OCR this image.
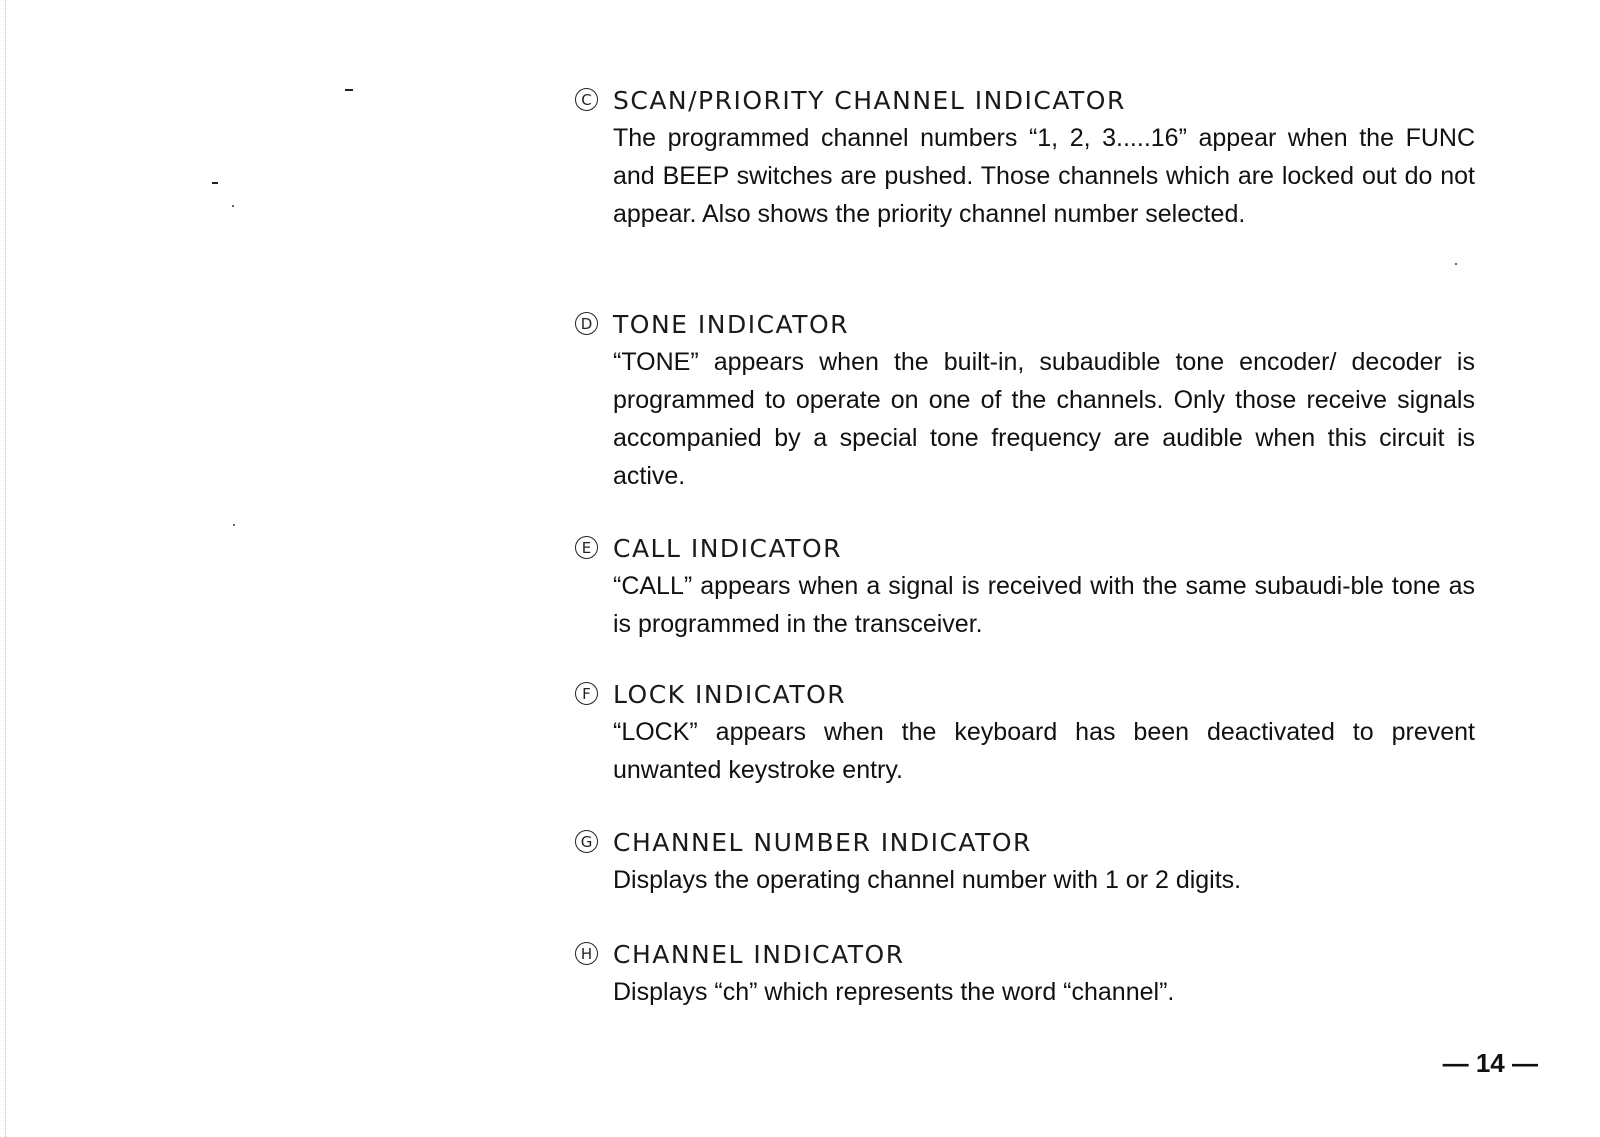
C SCAN/PRIORITY CHANNEL INDICATOR
The programmed channel numbers “1, 2, 3.....16” appear when the FUNC and BEEP switches are pushed. Those channels which are locked out do not appear. Also shows the priority channel number selected.
D TONE INDICATOR
“TONE” appears when the built-in, subaudible tone encoder/ decoder is programmed to operate on one of the channels. Only those receive signals accompanied by a special tone frequency are audible when this circuit is active.
E CALL INDICATOR
“CALL” appears when a signal is received with the same subaudi-ble tone as is programmed in the transceiver.
F LOCK INDICATOR
“LOCK” appears when the keyboard has been deactivated to prevent unwanted keystroke entry.
G CHANNEL NUMBER INDICATOR
Displays the operating channel number with 1 or 2 digits.
H CHANNEL INDICATOR
Displays “ch” which represents the word “channel”.
— 14 —
